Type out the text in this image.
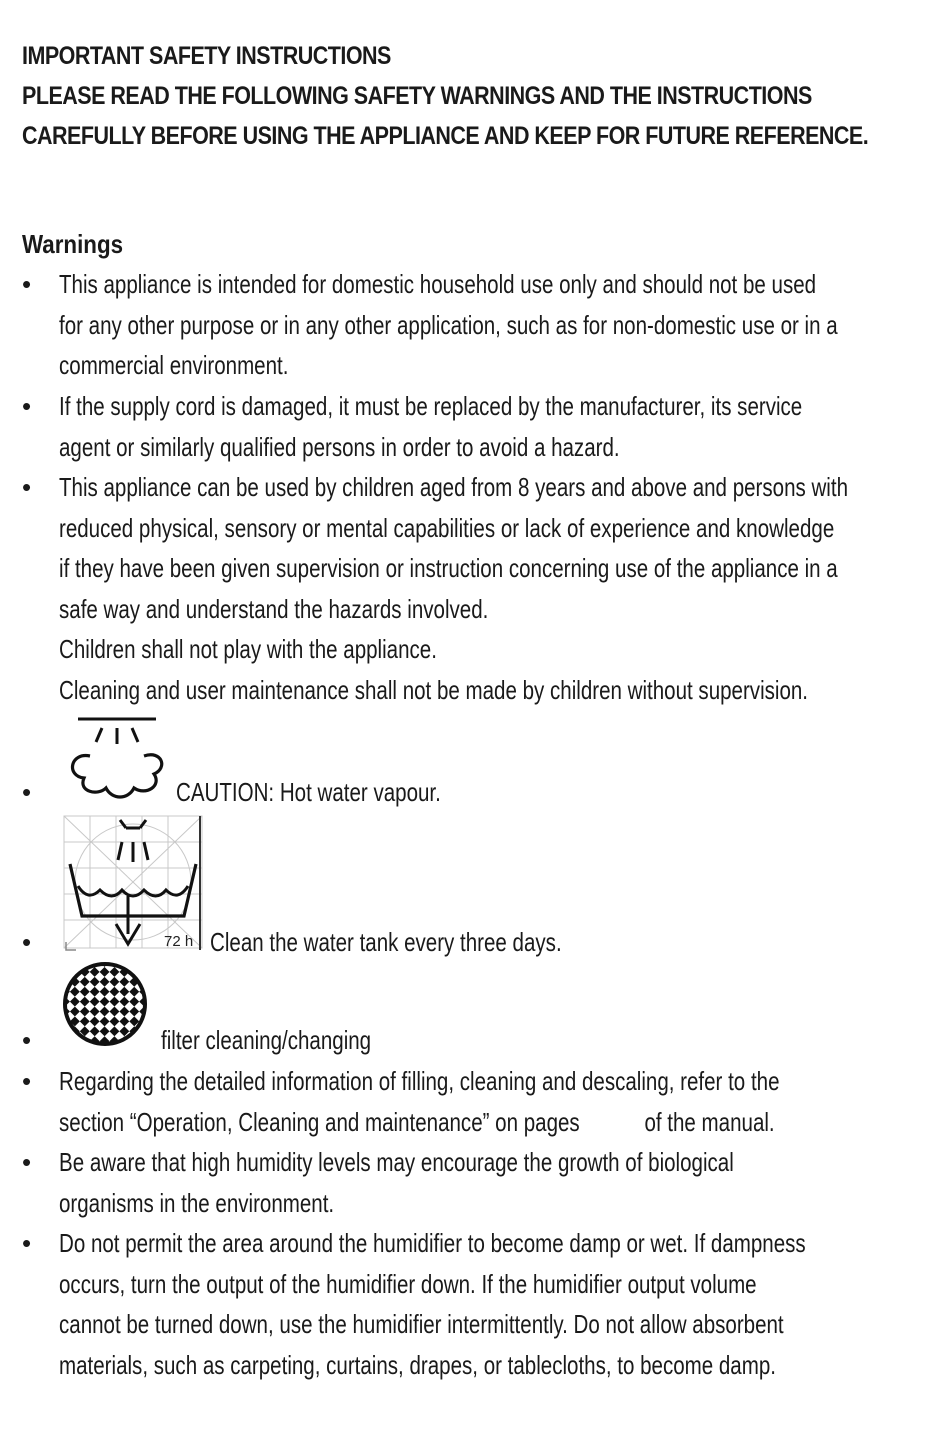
IMPORTANT SAFETY INSTRUCTIONS
PLEASE READ THE FOLLOWING SAFETY WARNINGS AND THE INSTRUCTIONS
CAREFULLY BEFORE USING THE APPLIANCE AND KEEP FOR FUTURE REFERENCE.
Warnings
• This appliance is intended for domestic household use only and should not be used
for any other purpose or in any other application, such as for non-domestic use or in a
commercial environment.
• If the supply cord is damaged, it must be replaced by the manufacturer, its service
agent or similarly qualified persons in order to avoid a hazard.
• This appliance can be used by children aged from 8 years and above and persons with
reduced physical, sensory or mental capabilities or lack of experience and knowledge
if they have been given supervision or instruction concerning use of the appliance in a
safe way and understand the hazards involved.
Children shall not play with the appliance.
Cleaning and user maintenance shall not be made by children without supervision.
•	CAUTION: Hot water vapour.
72 h
•	Clean the water tank every three days.
•	filter cleaning/changing
• Regarding the detailed information of filling, cleaning and descaling, refer to the
section “Operation, Cleaning and maintenance” on pages of the manual.
• Be aware that high humidity levels may encourage the growth of biological
organisms in the environment.
• Do not permit the area around the humidifier to become damp or wet. If dampness
occurs, turn the output of the humidifier down. If the humidifier output volume
cannot be turned down, use the humidifier intermittently. Do not allow absorbent
materials, such as carpeting, curtains, drapes, or tablecloths, to become damp.
